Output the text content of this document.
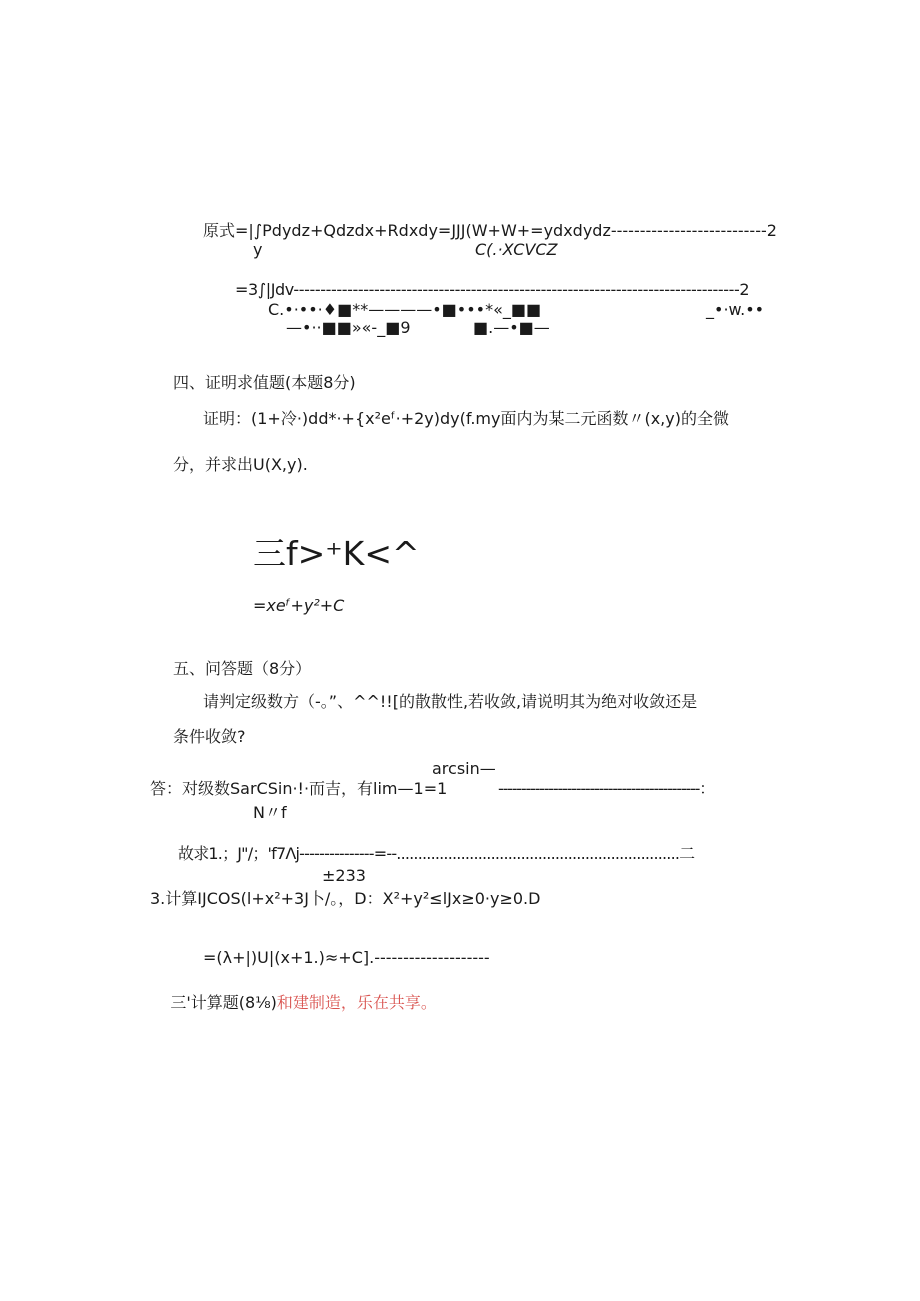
原式=|∫Pdydz+Qdzdx+Rdxdy=JJJ(W+W+=ydxdydz---------------------------2
y	C(.·XCVCZ
=3∫|Jdv-----------------------------------------------------------------------------------2
C.•·••·♦■**————•■•••*«_■■	_•·w.••
—•··■■»«-_■9	■.—•■—
四、证明求值题(本题8分)
证明：(1+冷·)dd*·+{x²eᶠ·+2y)dy(f.my面内为某二元函数〃(x,y)的全微
分，并求出U(X,y).
三f>⁺K<^
=xeᶠ+y²+C
五、问答题（8分）
请判定级数方（-。”、^^!![的散散性,若收敛,请说明其为绝对收敛还是
条件收敛?
arcsin—
答：对级数SarCSin·!·而吉，有lim—1=1	--------------------------------------------：
N〃f
故求1.；J"/；'f7Λj---------------=--..................................................................二
±233
3.计算IJCOS(l+x²+3J卜/。，D：X²+y²≤lJx≥0·y≥0.D
=(λ+|)U|(x+1.)≈+C].--------------------

三'计算题(8⅛)和建制造，乐在共享。
